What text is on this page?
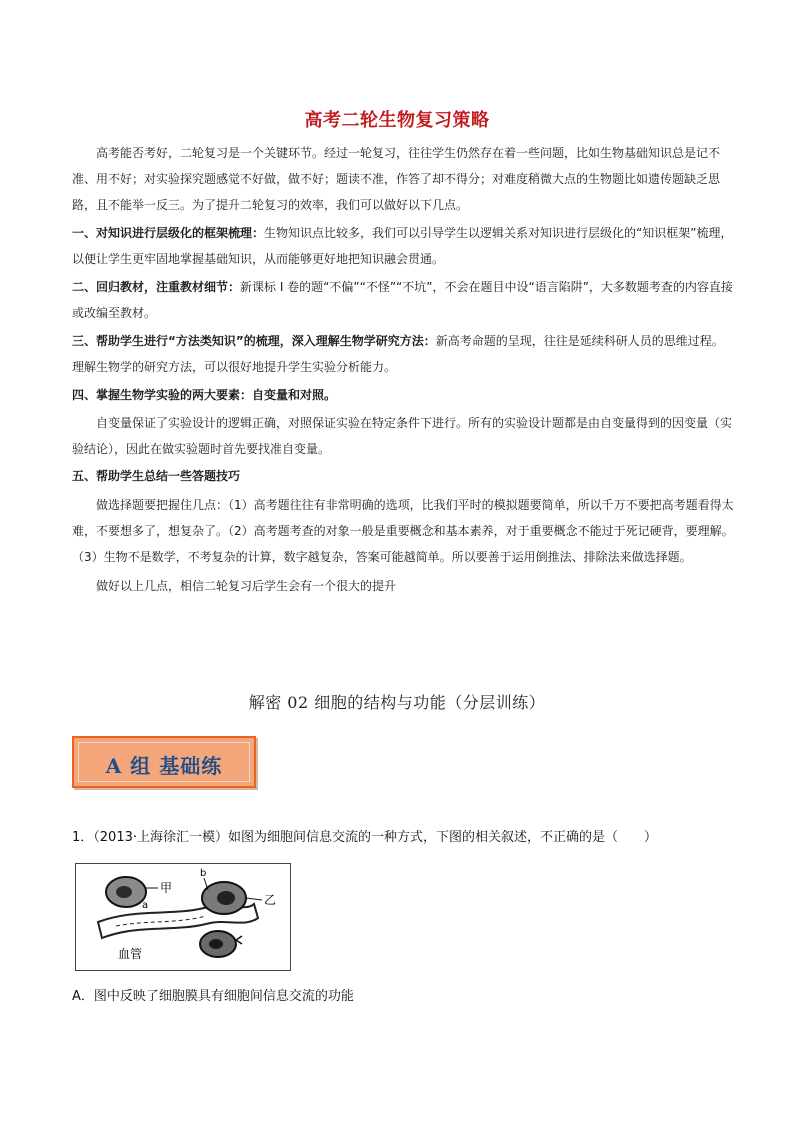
高考二轮生物复习策略
高考能否考好，二轮复习是一个关键环节。经过一轮复习，往往学生仍然存在着一些问题，比如生物基础知识总是记不准、用不好；对实验探究题感觉不好做，做不好；题读不准，作答了却不得分；对难度稍微大点的生物题比如遗传题缺乏思路，且不能举一反三。为了提升二轮复习的效率，我们可以做好以下几点。
一、对知识进行层级化的框架梳理：生物知识点比较多，我们可以引导学生以逻辑关系对知识进行层级化的“知识框架”梳理，以便让学生更牢固地掌握基础知识，从而能够更好地把知识融会贯通。
二、回归教材，注重教材细节：新课标 I 卷的题“不偏”“不怪”“不坑”，不会在题目中设“语言陷阱”，大多数题考查的内容直接或改编至教材。
三、帮助学生进行“方法类知识”的梳理，深入理解生物学研究方法：新高考命题的呈现，往往是延续科研人员的思维过程。理解生物学的研究方法，可以很好地提升学生实验分析能力。
四、掌握生物学实验的两大要素：自变量和对照。
自变量保证了实验设计的逻辑正确，对照保证实验在特定条件下进行。所有的实验设计题都是由自变量得到的因变量（实验结论），因此在做实验题时首先要找准自变量。
五、帮助学生总结一些答题技巧
做选择题要把握住几点：（1）高考题往往有非常明确的选项，比我们平时的模拟题要简单，所以千万不要把高考题看得太难，不要想多了，想复杂了。（2）高考题考查的对象一般是重要概念和基本素养，对于重要概念不能过于死记硬背，要理解。（3）生物不是数学，不考复杂的计算，数字越复杂，答案可能越简单。所以要善于运用倒推法、排除法来做选择题。
做好以上几点，相信二轮复习后学生会有一个很大的提升
解密 02 细胞的结构与功能（分层训练）
A 组 基础练
1．（2013·上海徐汇一模）如图为细胞间信息交流的一种方式，下图的相关叙述，不正确的是（　　）
甲
a	乙
b
血管
A．图中反映了细胞膜具有细胞间信息交流的功能
